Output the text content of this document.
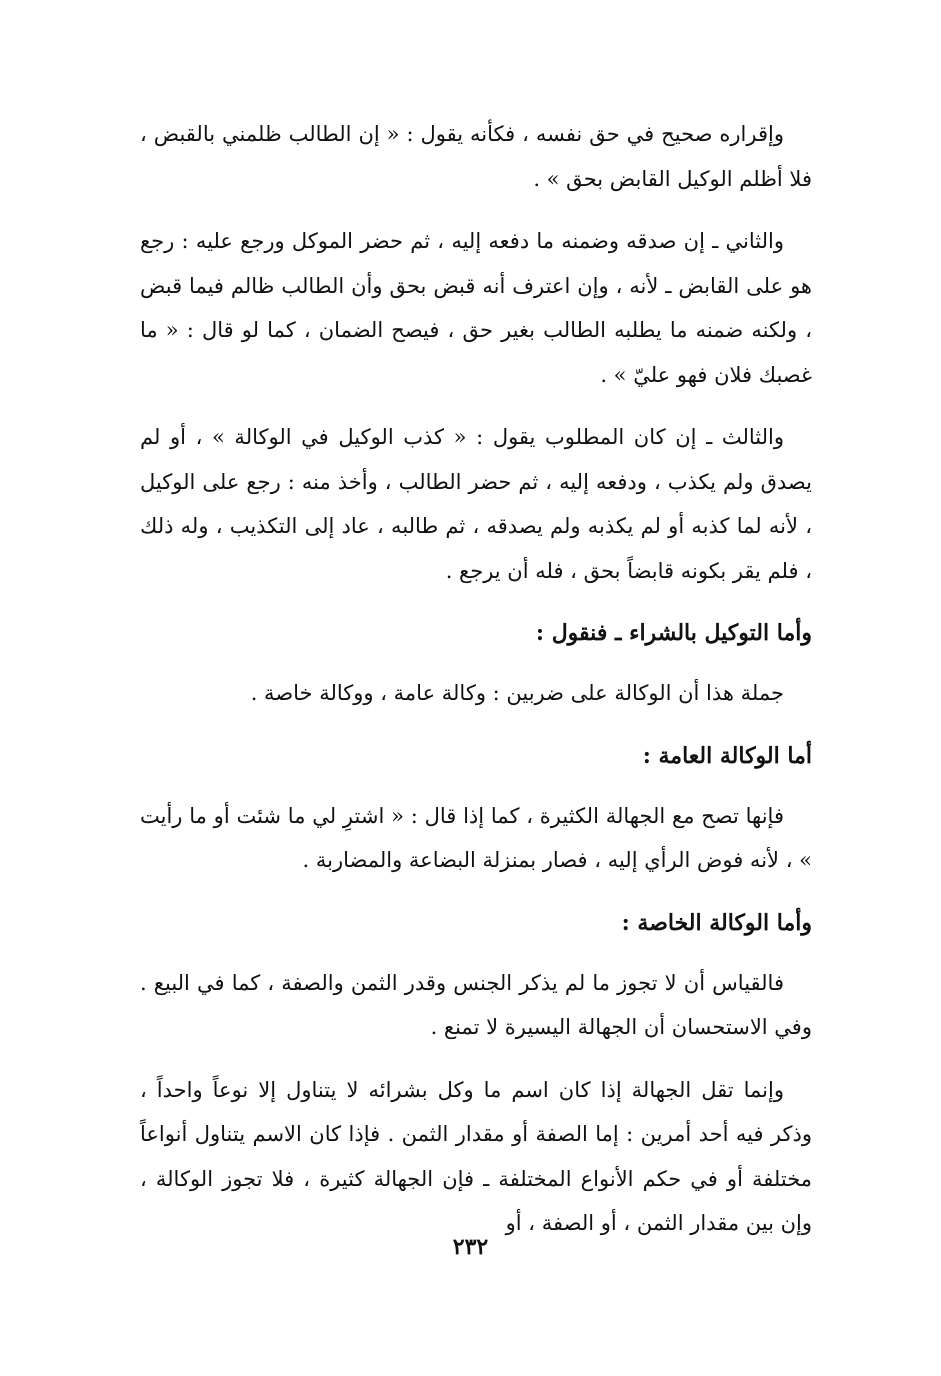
وإقراره صحيح في حق نفسه ، فكأنه يقول : « إن الطالب ظلمني بالقبض ، فلا أظلم الوكيل القابض بحق » .

والثاني ـ إن صدقه وضمنه ما دفعه إليه ، ثم حضر الموكل ورجع عليه : رجع هو على القابض ـ لأنه ، وإن اعترف أنه قبض بحق وأن الطالب ظالم فيما قبض ، ولكنه ضمنه ما يطلبه الطالب بغير حق ، فيصح الضمان ، كما لو قال : « ما غصبك فلان فهو عليّ » .

والثالث ـ إن كان المطلوب يقول : « كذب الوكيل في الوكالة » ، أو لم يصدق ولم يكذب ، ودفعه إليه ، ثم حضر الطالب ، وأخذ منه : رجع على الوكيل ، لأنه لما كذبه أو لم يكذبه ولم يصدقه ، ثم طالبه ، عاد إلى التكذيب ، وله ذلك ، فلم يقر بكونه قابضاً بحق ، فله أن يرجع .

وأما التوكيل بالشراء ـ فنقول :

جملة هذا أن الوكالة على ضربين : وكالة عامة ، ووكالة خاصة .

أما الوكالة العامة :

فإنها تصح مع الجهالة الكثيرة ، كما إذا قال : « اشترِ لي ما شئت أو ما رأيت » ، لأنه فوض الرأي إليه ، فصار بمنزلة البضاعة والمضاربة .

وأما الوكالة الخاصة :

فالقياس أن لا تجوز ما لم يذكر الجنس وقدر الثمن والصفة ، كما في البيع . وفي الاستحسان أن الجهالة اليسيرة لا تمنع .

وإنما تقل الجهالة إذا كان اسم ما وكل بشرائه لا يتناول إلا نوعاً واحداً ، وذكر فيه أحد أمرين : إما الصفة أو مقدار الثمن . فإذا كان الاسم يتناول أنواعاً مختلفة أو في حكم الأنواع المختلفة ـ فإن الجهالة كثيرة ، فلا تجوز الوكالة ، وإن بين مقدار الثمن ، أو الصفة ، أو

٢٣٢
